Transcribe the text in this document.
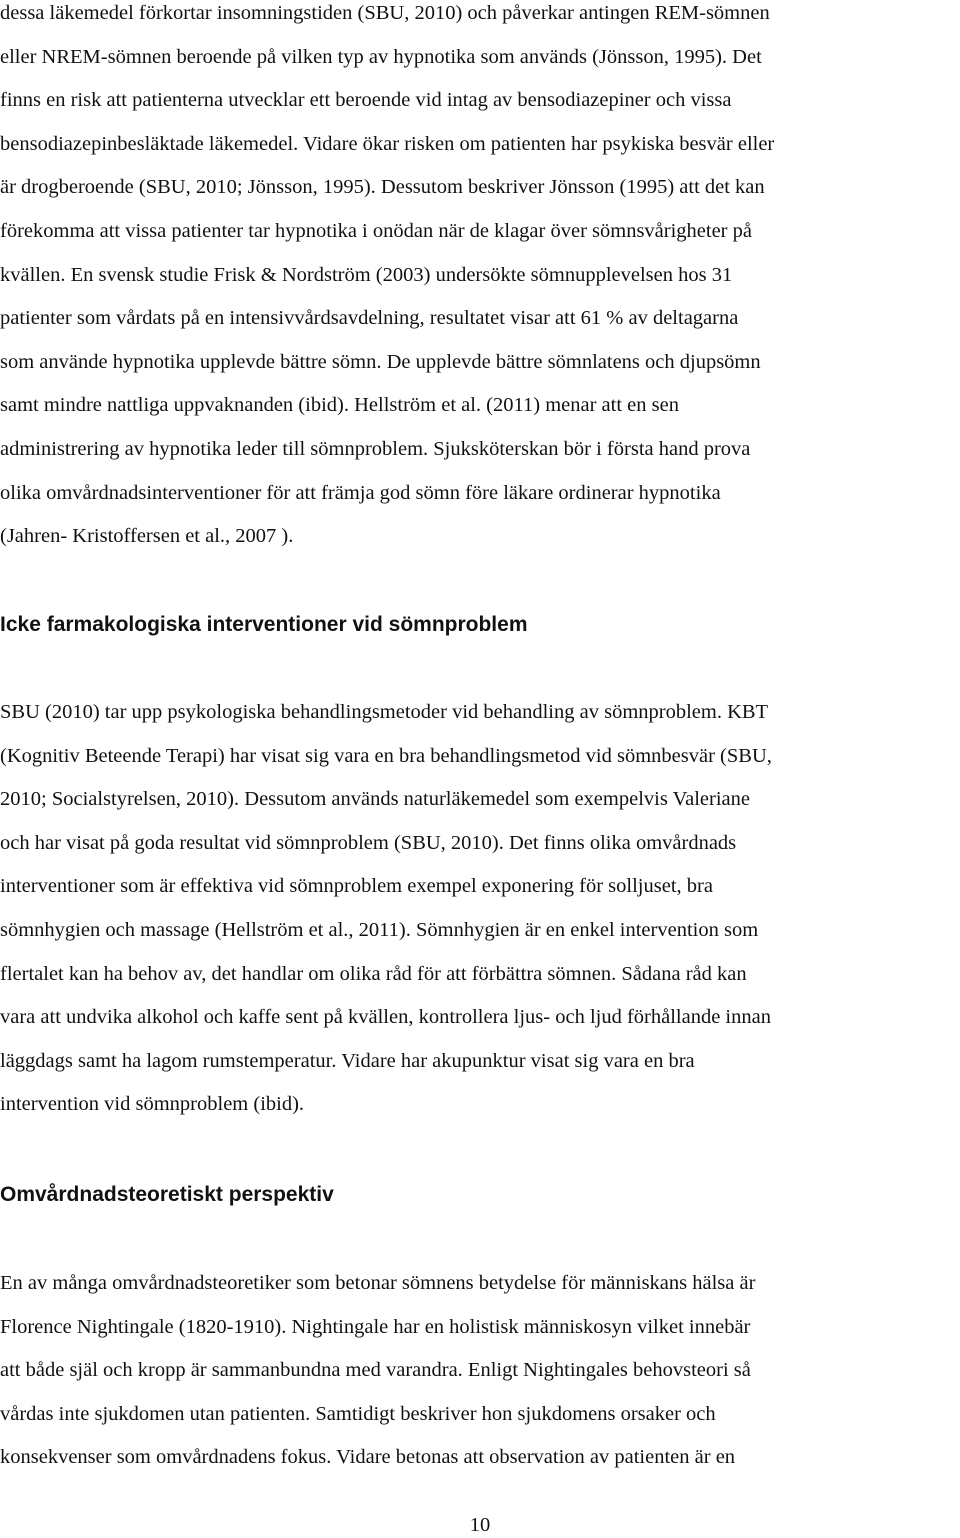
dessa läkemedel förkortar insomningstiden (SBU, 2010) och påverkar antingen REM-sömnen
eller NREM-sömnen beroende på vilken typ av hypnotika som används (Jönsson, 1995). Det
finns en risk att patienterna utvecklar ett beroende vid intag av bensodiazepiner och vissa
bensodiazepinbesläktade läkemedel. Vidare ökar risken om patienten har psykiska besvär eller
är drogberoende (SBU, 2010; Jönsson, 1995). Dessutom beskriver Jönsson (1995) att det kan
förekomma att vissa patienter tar hypnotika i onödan när de klagar över sömnsvårigheter på
kvällen. En svensk studie Frisk & Nordström (2003) undersökte sömnupplevelsen hos 31
patienter som vårdats på en intensivvårdsavdelning, resultatet visar att 61 % av deltagarna
som använde hypnotika upplevde bättre sömn. De upplevde bättre sömnlatens och djupsömn
samt mindre nattliga uppvaknanden (ibid). Hellström et al. (2011) menar att en sen
administrering av hypnotika leder till sömnproblem. Sjuksköterskan bör i första hand prova
olika omvårdnadsinterventioner för att främja god sömn före läkare ordinerar hypnotika
(Jahren- Kristoffersen et al., 2007 ).
Icke farmakologiska interventioner vid sömnproblem
SBU (2010) tar upp psykologiska behandlingsmetoder vid behandling av sömnproblem. KBT
(Kognitiv Beteende Terapi) har visat sig vara en bra behandlingsmetod vid sömnbesvär (SBU,
2010; Socialstyrelsen, 2010). Dessutom används naturläkemedel som exempelvis Valeriane
och har visat på goda resultat vid sömnproblem (SBU, 2010). Det finns olika omvårdnads
interventioner som är effektiva vid sömnproblem exempel exponering för solljuset, bra
sömnhygien och massage (Hellström et al., 2011). Sömnhygien är en enkel intervention som
flertalet kan ha behov av, det handlar om olika råd för att förbättra sömnen. Sådana råd kan
vara att undvika alkohol och kaffe sent på kvällen, kontrollera ljus- och ljud förhållande innan
läggdags samt ha lagom rumstemperatur. Vidare har akupunktur visat sig vara en bra
intervention vid sömnproblem (ibid).
Omvårdnadsteoretiskt perspektiv
En av många omvårdnadsteoretiker som betonar sömnens betydelse för människans hälsa är
Florence Nightingale (1820-1910). Nightingale har en holistisk människosyn vilket innebär
att både själ och kropp är sammanbundna med varandra. Enligt Nightingales behovsteori så
vårdas inte sjukdomen utan patienten. Samtidigt beskriver hon sjukdomens orsaker och
konsekvenser som omvårdnadens fokus. Vidare betonas att observation av patienten är en
10
